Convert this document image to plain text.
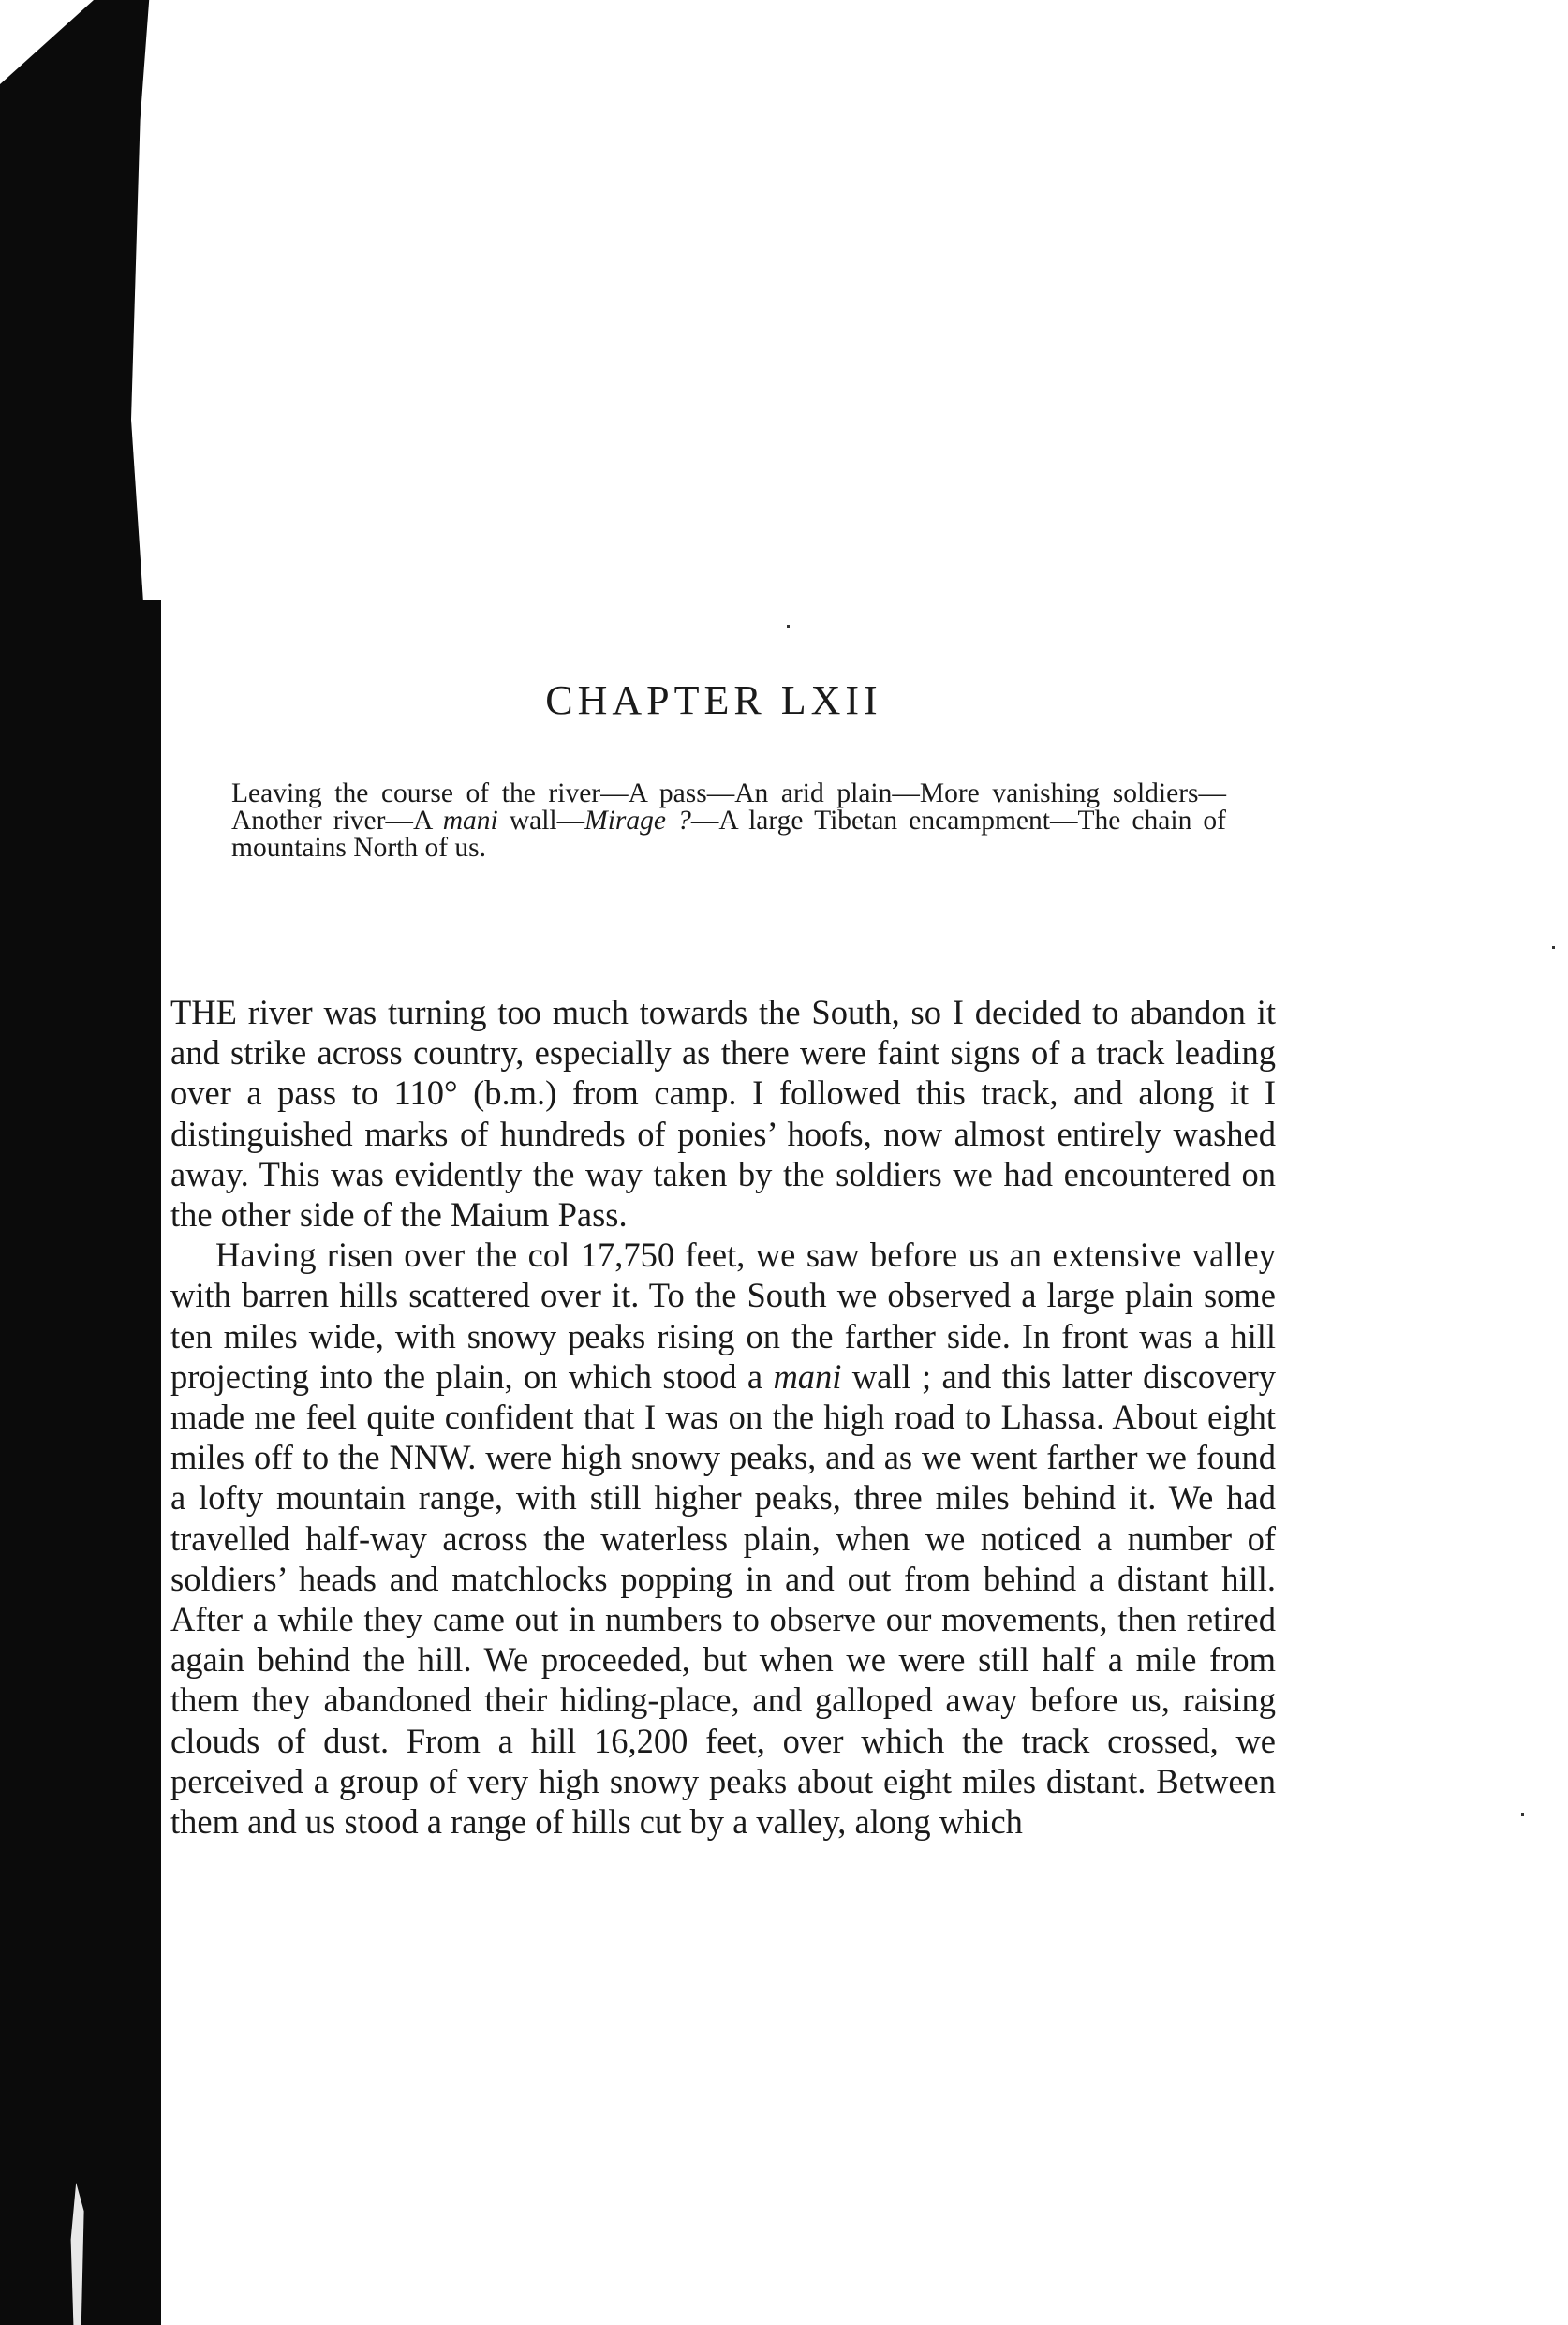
CHAPTER LXII

Leaving the course of the river—A pass—An arid plain—More vanishing soldiers—Another river—A mani wall—Mirage ?—A large Tibetan encampment—The chain of mountains North of us.

THE river was turning too much towards the South, so I decided to abandon it and strike across country, especially as there were faint signs of a track leading over a pass to 110° (b.m.) from camp. I followed this track, and along it I distinguished marks of hundreds of ponies’ hoofs, now almost entirely washed away. This was evidently the way taken by the soldiers we had encountered on the other side of the Maium Pass.

Having risen over the col 17,750 feet, we saw before us an extensive valley with barren hills scattered over it. To the South we observed a large plain some ten miles wide, with snowy peaks rising on the farther side. In front was a hill projecting into the plain, on which stood a mani wall ; and this latter discovery made me feel quite confident that I was on the high road to Lhassa. About eight miles off to the NNW. were high snowy peaks, and as we went farther we found a lofty mountain range, with still higher peaks, three miles behind it. We had travelled half-way across the waterless plain, when we noticed a number of soldiers’ heads and matchlocks popping in and out from behind a distant hill. After a while they came out in numbers to observe our movements, then retired again behind the hill. We proceeded, but when we were still half a mile from them they abandoned their hiding-place, and galloped away before us, raising clouds of dust. From a hill 16,200 feet, over which the track crossed, we perceived a group of very high snowy peaks about eight miles distant. Between them and us stood a range of hills cut by a valley, along which
